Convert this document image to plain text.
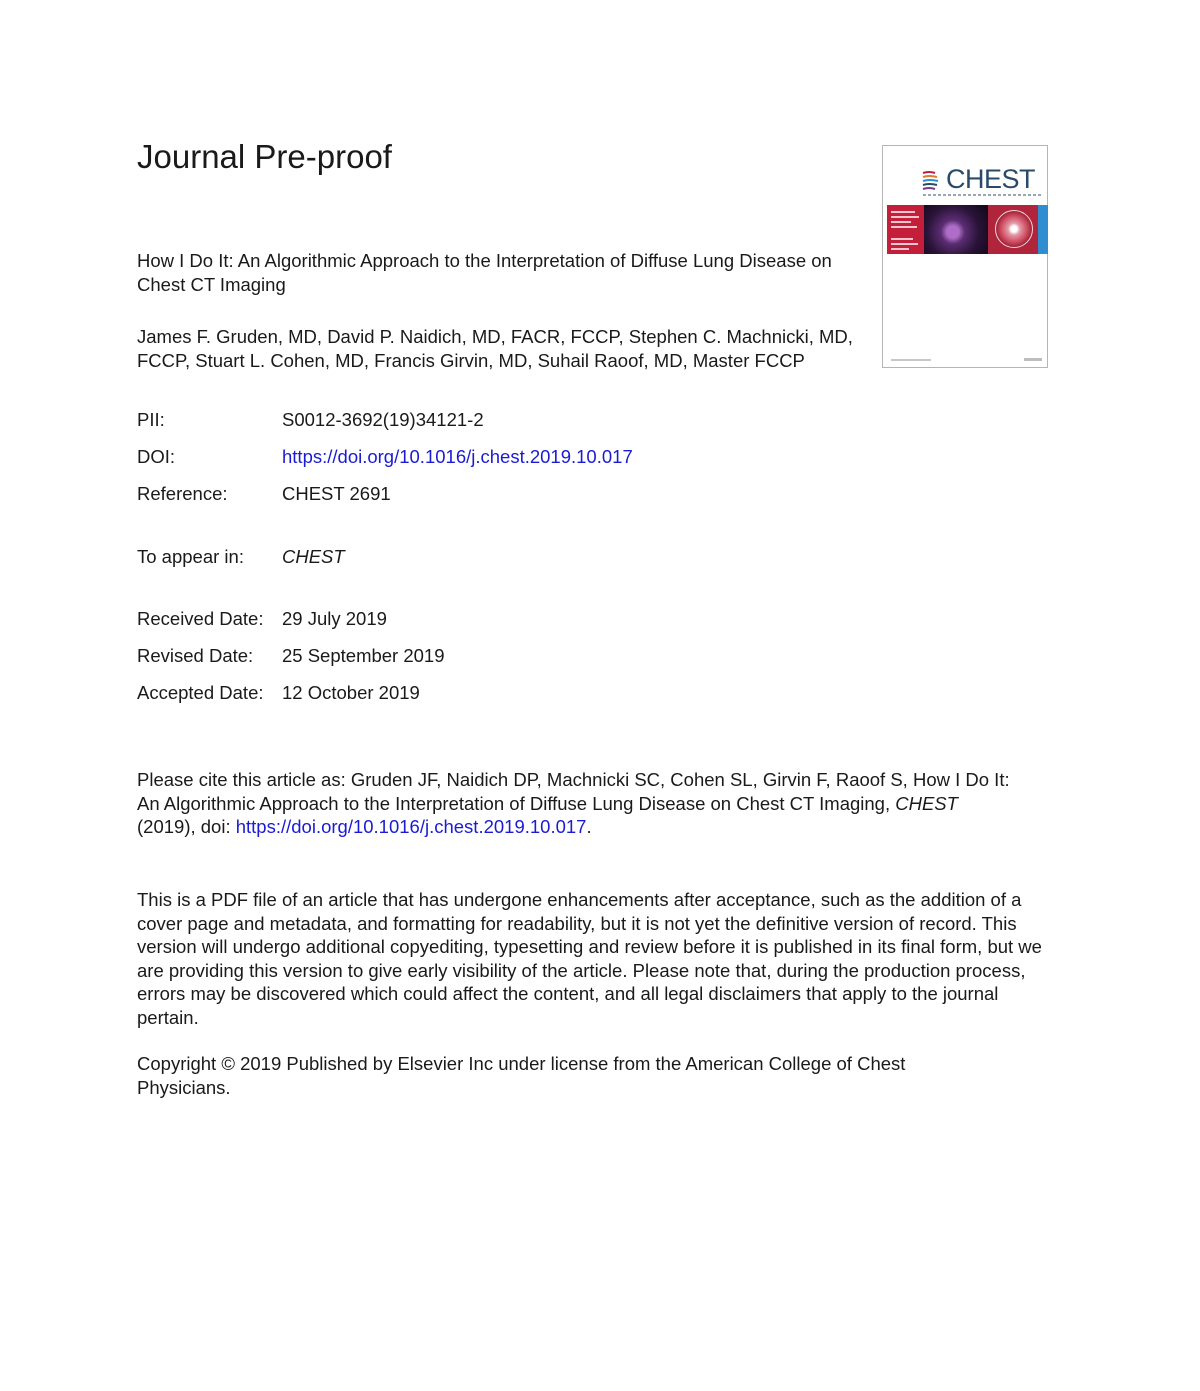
Journal Pre-proof
CHEST

How I Do It: An Algorithmic Approach to the Interpretation of Diffuse Lung Disease on Chest CT Imaging

James F. Gruden, MD, David P. Naidich, MD, FACR, FCCP, Stephen C. Machnicki, MD, FCCP, Stuart L. Cohen, MD, Francis Girvin, MD, Suhail Raoof, MD, Master FCCP

PII:	S0012-3692(19)34121-2
DOI:	https://doi.org/10.1016/j.chest.2019.10.017
Reference:	CHEST 2691
To appear in: CHEST
Received Date: 29 July 2019
Revised Date: 25 September 2019
Accepted Date: 12 October 2019

Please cite this article as: Gruden JF, Naidich DP, Machnicki SC, Cohen SL, Girvin F, Raoof S, How I Do It: An Algorithmic Approach to the Interpretation of Diffuse Lung Disease on Chest CT Imaging, CHEST (2019), doi: https://doi.org/10.1016/j.chest.2019.10.017.

This is a PDF file of an article that has undergone enhancements after acceptance, such as the addition of a cover page and metadata, and formatting for readability, but it is not yet the definitive version of record. This version will undergo additional copyediting, typesetting and review before it is published in its final form, but we are providing this version to give early visibility of the article. Please note that, during the production process, errors may be discovered which could affect the content, and all legal disclaimers that apply to the journal pertain.

Copyright © 2019 Published by Elsevier Inc under license from the American College of Chest Physicians.
